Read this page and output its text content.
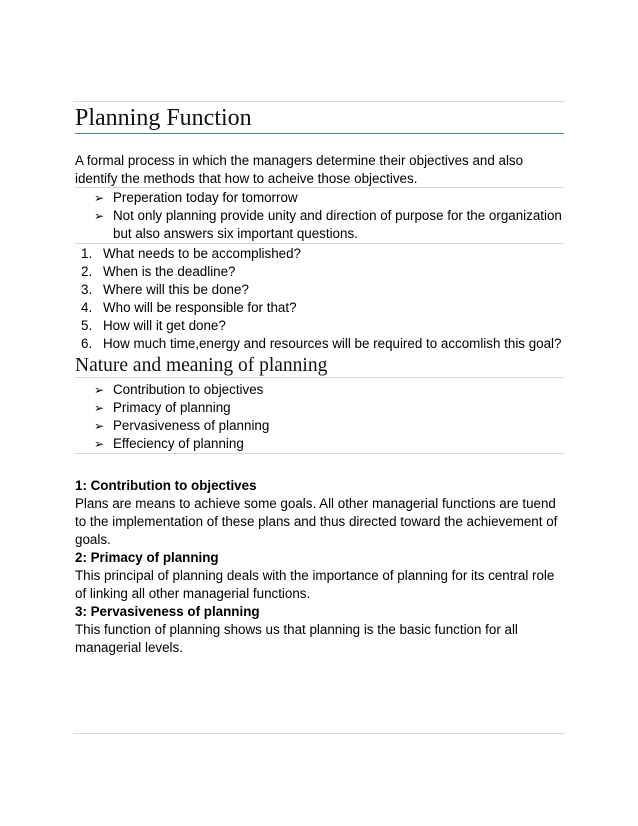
Planning Function
A formal process in which the managers determine their objectives and also identify the methods that how to acheive those objectives.
➢ Preperation today for tomorrow
➢ Not only planning provide unity and direction of purpose for the organization but also answers six important questions.
1. What needs to be accomplished?
2. When is the deadline?
3. Where will this be done?
4. Who will be responsible for that?
5. How will it get done?
6. How much time,energy and resources will be required to accomlish this goal?
Nature and meaning of planning
➢ Contribution to objectives
➢ Primacy of planning
➢ Pervasiveness of planning
➢ Effeciency of planning
1: Contribution to objectives
Plans are means to achieve some goals. All other managerial functions are tuend to the implementation of these plans and thus directed toward the achievement of goals.
2: Primacy of planning
This principal of planning deals with the importance of planning for its central role of linking all other managerial functions.
3: Pervasiveness of planning
This function of planning shows us that planning is the basic function for all managerial levels.
